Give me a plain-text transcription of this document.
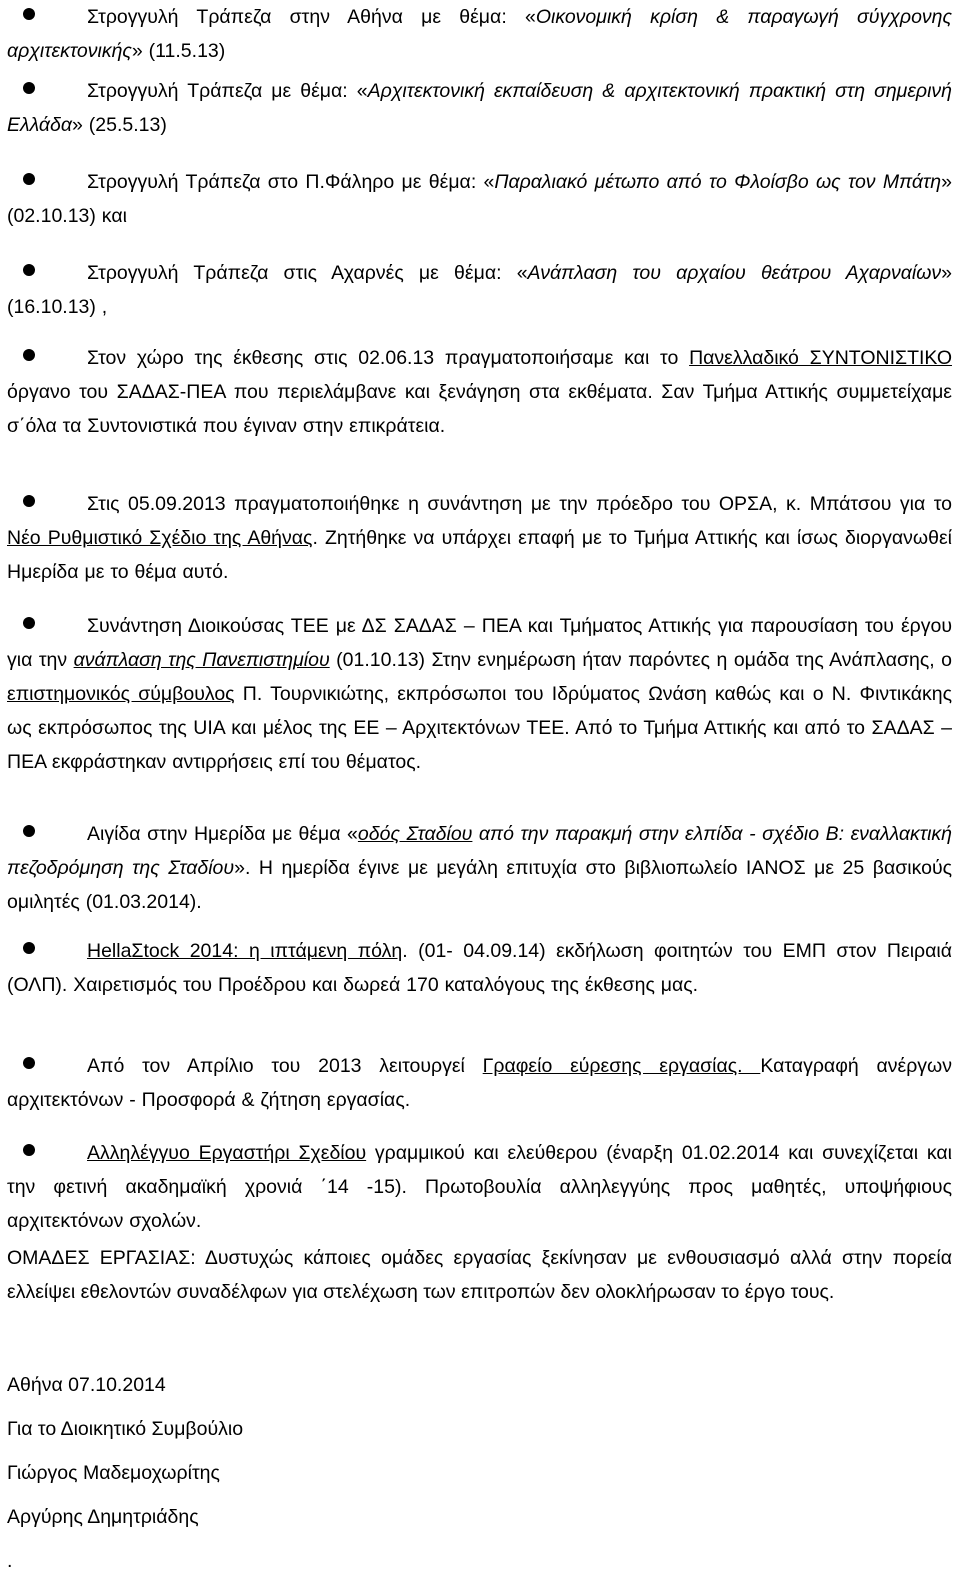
Στρογγυλή Τράπεζα στην Αθήνα με θέμα: «Οικονομική κρίση & παραγωγή σύγχρονης αρχιτεκτονικής» (11.5.13)
Στρογγυλή Τράπεζα με θέμα: «Αρχιτεκτονική εκπαίδευση & αρχιτεκτονική πρακτική στη σημερινή Ελλάδα» (25.5.13)
Στρογγυλή Τράπεζα στο Π.Φάληρο με θέμα: «Παραλιακό μέτωπο από το Φλοίσβο ως τον Μπάτη» (02.10.13) και
Στρογγυλή Τράπεζα στις Αχαρνές με θέμα: «Ανάπλαση του αρχαίου θεάτρου Αχαρναίων» (16.10.13) ,
Στον χώρο της έκθεσης στις 02.06.13 πραγματοποιήσαμε και το Πανελλαδικό ΣΥΝΤΟΝΙΣΤΙΚΟ όργανο του ΣΑΔΑΣ-ΠΕΑ που περιελάμβανε και ξενάγηση στα εκθέματα. Σαν Τμήμα Αττικής συμμετείχαμε σ΄όλα τα Συντονιστικά που έγιναν στην επικράτεια.
Στις 05.09.2013 πραγματοποιήθηκε η συνάντηση με την πρόεδρο του ΟΡΣΑ, κ. Μπάτσου για το Νέο Ρυθμιστικό Σχέδιο της Αθήνας. Ζητήθηκε να υπάρχει επαφή με το Τμήμα Αττικής και ίσως διοργανωθεί Ημερίδα με το θέμα αυτό.
Συνάντηση Διοικούσας ΤΕΕ με ΔΣ ΣΑΔΑΣ – ΠΕΑ και Τμήματος Αττικής για παρουσίαση του έργου για την ανάπλαση της Πανεπιστημίου (01.10.13) Στην ενημέρωση ήταν παρόντες η ομάδα της Ανάπλασης, ο επιστημονικός σύμβουλος Π. Τουρνικιώτης, εκπρόσωποι του Ιδρύματος Ωνάση καθώς και ο Ν. Φιντικάκης ως εκπρόσωπος της UIA και μέλος της ΕΕ – Αρχιτεκτόνων ΤΕΕ. Από το Τμήμα Αττικής και από το ΣΑΔΑΣ – ΠΕΑ εκφράστηκαν αντιρρήσεις επί του θέματος.
Αιγίδα στην Ημερίδα με θέμα «οδός Σταδίου από την παρακμή στην ελπίδα - σχέδιο Β: εναλλακτική πεζοδρόμηση της Σταδίου». Η ημερίδα έγινε με μεγάλη επιτυχία στο βιβλιοπωλείο ΙΑΝΟΣ με 25 βασικούς ομιλητές (01.03.2014).
HellaΣtock 2014: η ιπτάμενη πόλη. (01- 04.09.14) εκδήλωση φοιτητών του ΕΜΠ στον Πειραιά (ΟΛΠ). Χαιρετισμός του Προέδρου και δωρεά 170 καταλόγους της έκθεσης μας.
Από τον Απρίλιο του 2013 λειτουργεί Γραφείο εύρεσης εργασίας. Καταγραφή ανέργων αρχιτεκτόνων - Προσφορά & ζήτηση εργασίας.
Αλληλέγγυο Εργαστήρι Σχεδίου γραμμικού και ελεύθερου (έναρξη 01.02.2014 και συνεχίζεται και την φετινή ακαδημαϊκή χρονιά ΄14 -15). Πρωτοβουλία αλληλεγγύης προς μαθητές, υποψήφιους αρχιτεκτόνων σχολών.
ΟΜΑΔΕΣ ΕΡΓΑΣΙΑΣ: Δυστυχώς κάποιες ομάδες εργασίας ξεκίνησαν με ενθουσιασμό αλλά στην πορεία ελλείψει εθελοντών συναδέλφων για στελέχωση των επιτροπών δεν ολοκλήρωσαν το έργο τους.
Αθήνα 07.10.2014
Για το Διοικητικό Συμβούλιο
Γιώργος Μαδεμοχωρίτης
Αργύρης Δημητριάδης
.
